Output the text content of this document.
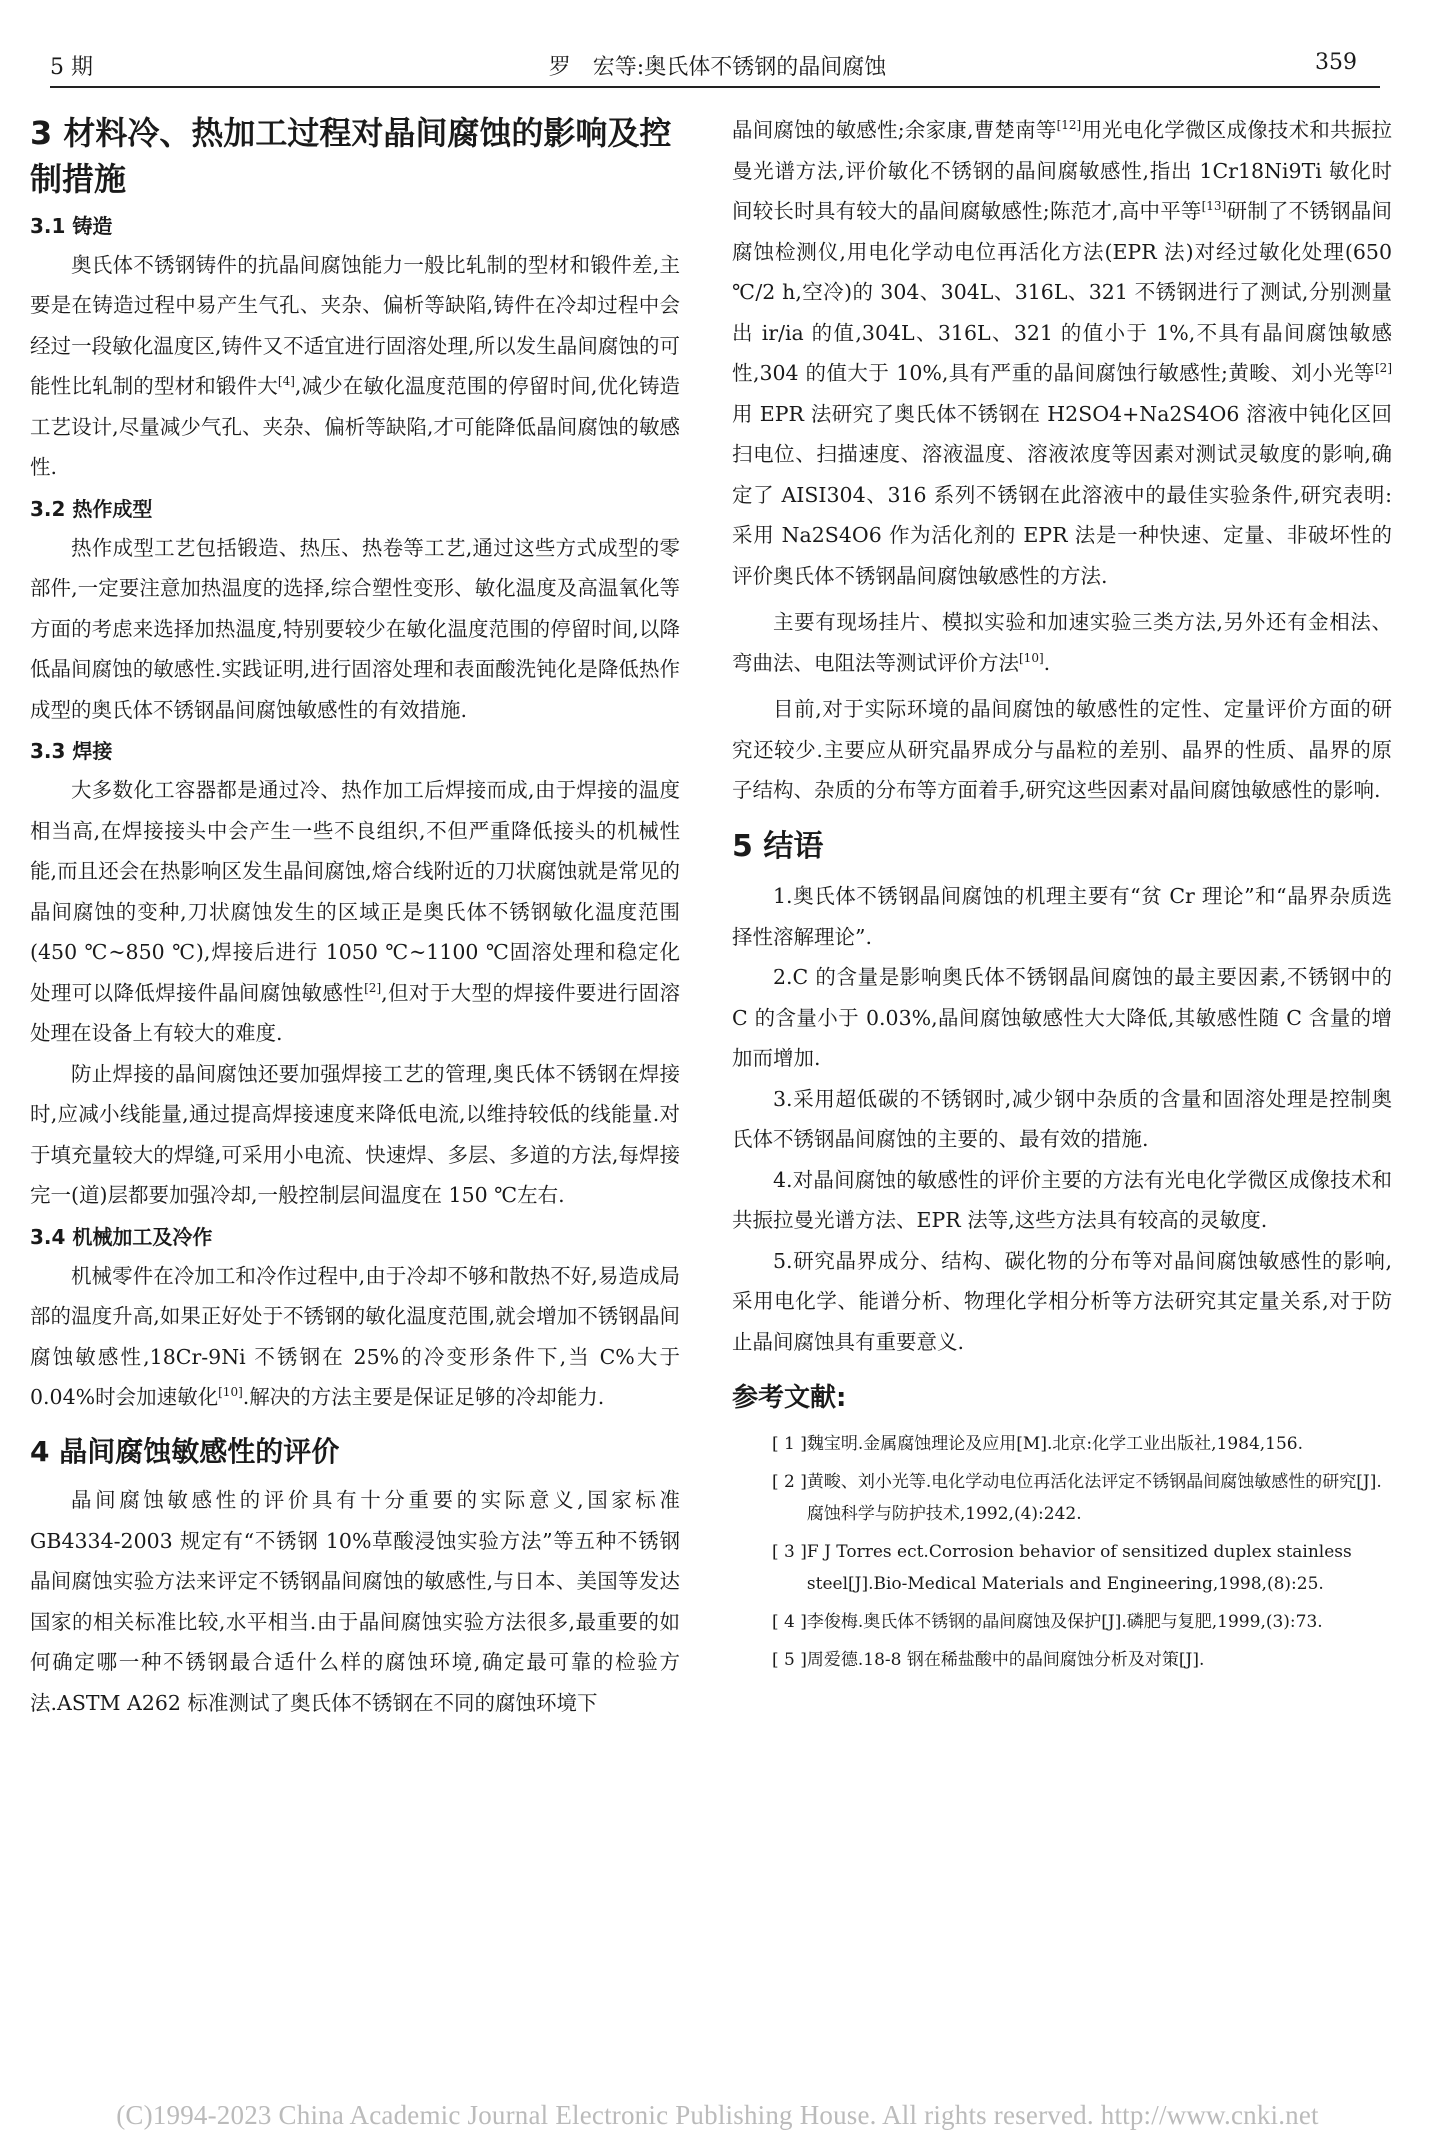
5 期	罗　宏等:奥氏体不锈钢的晶间腐蚀	359
3 材料冷、热加工过程对晶间腐蚀的影响及控制措施
3.1 铸造

奥氏体不锈钢铸件的抗晶间腐蚀能力一般比轧制的型材和锻件差,主要是在铸造过程中易产生气孔、夹杂、偏析等缺陷,铸件在冷却过程中会经过一段敏化温度区,铸件又不适宜进行固溶处理,所以发生晶间腐蚀的可能性比轧制的型材和锻件大[4],减少在敏化温度范围的停留时间,优化铸造工艺设计,尽量减少气孔、夹杂、偏析等缺陷,才可能降低晶间腐蚀的敏感性.

3.2 热作成型

热作成型工艺包括锻造、热压、热卷等工艺,通过这些方式成型的零部件,一定要注意加热温度的选择,综合塑性变形、敏化温度及高温氧化等方面的考虑来选择加热温度,特别要较少在敏化温度范围的停留时间,以降低晶间腐蚀的敏感性.实践证明,进行固溶处理和表面酸洗钝化是降低热作成型的奥氏体不锈钢晶间腐蚀敏感性的有效措施.

3.3 焊接

大多数化工容器都是通过冷、热作加工后焊接而成,由于焊接的温度相当高,在焊接接头中会产生一些不良组织,不但严重降低接头的机械性能,而且还会在热影响区发生晶间腐蚀,熔合线附近的刀状腐蚀就是常见的晶间腐蚀的变种,刀状腐蚀发生的区域正是奥氏体不锈钢敏化温度范围(450 ℃~850 ℃),焊接后进行 1050 ℃~1100 ℃固溶处理和稳定化处理可以降低焊接件晶间腐蚀敏感性[2],但对于大型的焊接件要进行固溶处理在设备上有较大的难度.

防止焊接的晶间腐蚀还要加强焊接工艺的管理,奥氏体不锈钢在焊接时,应减小线能量,通过提高焊接速度来降低电流,以维持较低的线能量.对于填充量较大的焊缝,可采用小电流、快速焊、多层、多道的方法,每焊接完一(道)层都要加强冷却,一般控制层间温度在 150 ℃左右.

3.4 机械加工及冷作

机械零件在冷加工和冷作过程中,由于冷却不够和散热不好,易造成局部的温度升高,如果正好处于不锈钢的敏化温度范围,就会增加不锈钢晶间腐蚀敏感性,18Cr-9Ni 不锈钢在 25%的冷变形条件下,当 C%大于 0.04%时会加速敏化[10].解决的方法主要是保证足够的冷却能力.

4 晶间腐蚀敏感性的评价

晶间腐蚀敏感性的评价具有十分重要的实际意义,国家标准 GB4334-2003 规定有“不锈钢 10%草酸浸蚀实验方法”等五种不锈钢晶间腐蚀实验方法来评定不锈钢晶间腐蚀的敏感性,与日本、美国等发达国家的相关标准比较,水平相当.由于晶间腐蚀实验方法很多,最重要的如何确定哪一种不锈钢最合适什么样的腐蚀环境,确定最可靠的检验方法.ASTM A262 标准测试了奥氏体不锈钢在不同的腐蚀环境下

晶间腐蚀的敏感性;余家康,曹楚南等[12]用光电化学微区成像技术和共振拉曼光谱方法,评价敏化不锈钢的晶间腐敏感性,指出 1Cr18Ni9Ti 敏化时间较长时具有较大的晶间腐敏感性;陈范才,高中平等[13]研制了不锈钢晶间腐蚀检测仪,用电化学动电位再活化方法(EPR 法)对经过敏化处理(650 ℃/2 h,空冷)的 304、304L、316L、321 不锈钢进行了测试,分别测量出 ir/ia 的值,304L、316L、321 的值小于 1%,不具有晶间腐蚀敏感性,304 的值大于 10%,具有严重的晶间腐蚀行敏感性;黄畯、刘小光等[2]用 EPR 法研究了奥氏体不锈钢在 H2SO4+Na2S4O6 溶液中钝化区回扫电位、扫描速度、溶液温度、溶液浓度等因素对测试灵敏度的影响,确定了 AISI304、316 系列不锈钢在此溶液中的最佳实验条件,研究表明:采用 Na2S4O6 作为活化剂的 EPR 法是一种快速、定量、非破坏性的评价奥氏体不锈钢晶间腐蚀敏感性的方法.

主要有现场挂片、模拟实验和加速实验三类方法,另外还有金相法、弯曲法、电阻法等测试评价方法[10].

目前,对于实际环境的晶间腐蚀的敏感性的定性、定量评价方面的研究还较少.主要应从研究晶界成分与晶粒的差别、晶界的性质、晶界的原子结构、杂质的分布等方面着手,研究这些因素对晶间腐蚀敏感性的影响.

5 结语

1.奥氏体不锈钢晶间腐蚀的机理主要有“贫 Cr 理论”和“晶界杂质选择性溶解理论”.

2.C 的含量是影响奥氏体不锈钢晶间腐蚀的最主要因素,不锈钢中的 C 的含量小于 0.03%,晶间腐蚀敏感性大大降低,其敏感性随 C 含量的增加而增加.

3.采用超低碳的不锈钢时,减少钢中杂质的含量和固溶处理是控制奥氏体不锈钢晶间腐蚀的主要的、最有效的措施.

4.对晶间腐蚀的敏感性的评价主要的方法有光电化学微区成像技术和共振拉曼光谱方法、EPR 法等,这些方法具有较高的灵敏度.

5.研究晶界成分、结构、碳化物的分布等对晶间腐蚀敏感性的影响,采用电化学、能谱分析、物理化学相分析等方法研究其定量关系,对于防止晶间腐蚀具有重要意义.

参考文献:
[ 1 ] 魏宝明.金属腐蚀理论及应用[M].北京:化学工业出版社,1984,156.
[ 2 ] 黄畯、刘小光等.电化学动电位再活化法评定不锈钢晶间腐蚀敏感性的研究[J].腐蚀科学与防护技术,1992,(4):242.
[ 3 ] F J Torres ect.Corrosion behavior of sensitized duplex stainless steel[J].Bio-Medical Materials and Engineering,1998,(8):25.
[ 4 ] 李俊梅.奥氏体不锈钢的晶间腐蚀及保护[J].磷肥与复肥,1999,(3):73.
[ 5 ] 周爱德.18-8 钢在稀盐酸中的晶间腐蚀分析及对策[J].
(C)1994-2023 China Academic Journal Electronic Publishing House. All rights reserved. http://www.cnki.net
